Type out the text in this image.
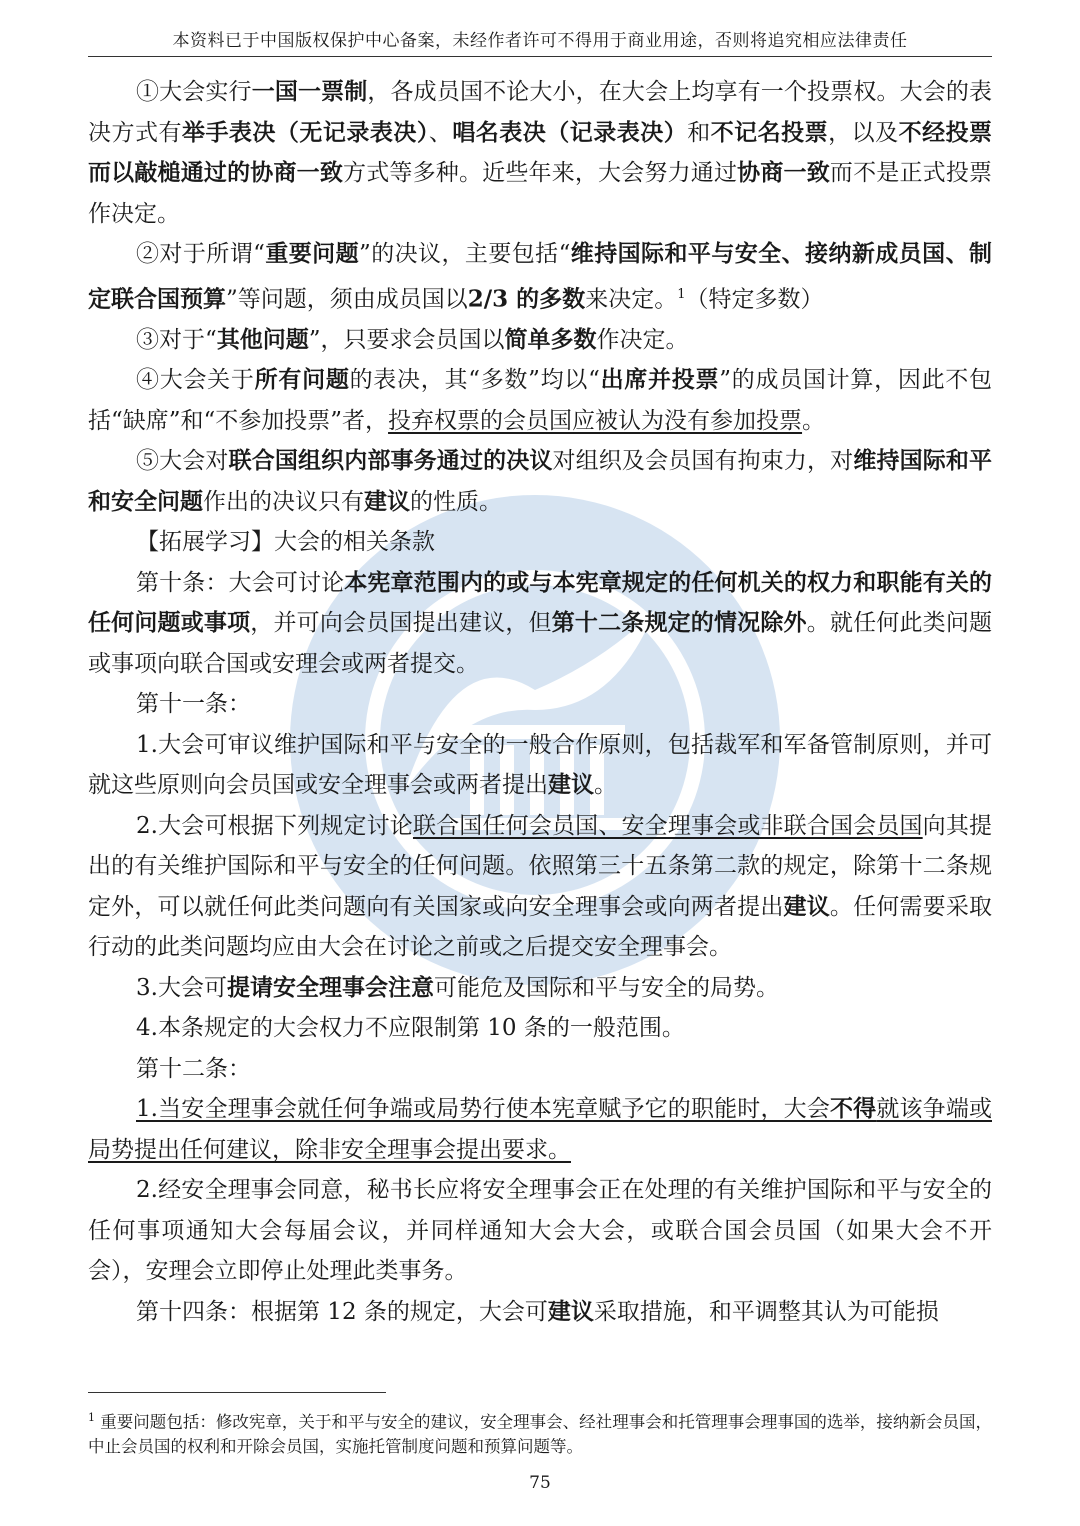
本资料已于中国版权保护中心备案，未经作者许可不得用于商业用途，否则将追究相应法律责任

①大会实行一国一票制，各成员国不论大小，在大会上均享有一个投票权。大会的表决方式有举手表决（无记录表决）、唱名表决（记录表决）和不记名投票，以及不经投票而以敲槌通过的协商一致方式等多种。近些年来，大会努力通过协商一致而不是正式投票作决定。

②对于所谓“重要问题”的决议，主要包括“维持国际和平与安全、接纳新成员国、制定联合国预算”等问题，须由成员国以2/3 的多数来决定。$^1$（特定多数）

③对于“其他问题”，只要求会员国以简单多数作决定。

④大会关于所有问题的表决，其“多数”均以“出席并投票”的成员国计算，因此不包括“缺席”和“不参加投票”者，投弃权票的会员国应被认为没有参加投票。

⑤大会对联合国组织内部事务通过的决议对组织及会员国有拘束力，对维持国际和平和安全问题作出的决议只有建议的性质。

【拓展学习】大会的相关条款

第十条：大会可讨论本宪章范围内的或与本宪章规定的任何机关的权力和职能有关的任何问题或事项，并可向会员国提出建议，但第十二条规定的情况除外。就任何此类问题或事项向联合国或安理会或两者提交。

第十一条：

1.大会可审议维护国际和平与安全的一般合作原则，包括裁军和军备管制原则，并可就这些原则向会员国或安全理事会或两者提出建议。

2.大会可根据下列规定讨论联合国任何会员国、安全理事会或非联合国会员国向其提出的有关维护国际和平与安全的任何问题。依照第三十五条第二款的规定，除第十二条规定外，可以就任何此类问题向有关国家或向安全理事会或向两者提出建议。任何需要采取行动的此类问题均应由大会在讨论之前或之后提交安全理事会。

3.大会可提请安全理事会注意可能危及国际和平与安全的局势。

4.本条规定的大会权力不应限制第 10 条的一般范围。

第十二条：

1.当安全理事会就任何争端或局势行使本宪章赋予它的职能时，大会不得就该争端或局势提出任何建议，除非安全理事会提出要求。

2.经安全理事会同意，秘书长应将安全理事会正在处理的有关维护国际和平与安全的任何事项通知大会每届会议，并同样通知大会大会，或联合国会员国（如果大会不开会），安理会立即停止处理此类事务。

第十四条：根据第 12 条的规定，大会可建议采取措施，和平调整其认为可能损

$^1$ 重要问题包括：修改宪章，关于和平与安全的建议，安全理事会、经社理事会和托管理事会理事国的选举，接纳新会员国，中止会员国的权利和开除会员国，实施托管制度问题和预算问题等。
75
